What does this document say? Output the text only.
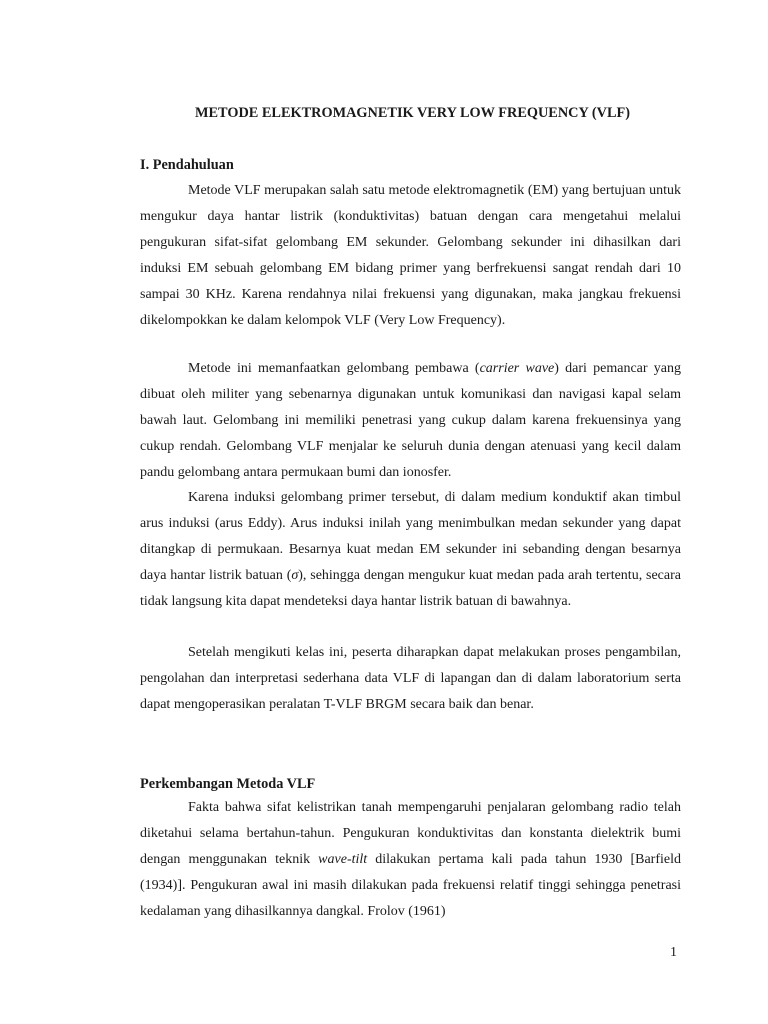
METODE ELEKTROMAGNETIK VERY LOW FREQUENCY (VLF)
I. Pendahuluan

Metode VLF merupakan salah satu metode elektromagnetik (EM) yang bertujuan untuk mengukur daya hantar listrik (konduktivitas) batuan dengan cara mengetahui melalui pengukuran sifat-sifat gelombang EM sekunder. Gelombang sekunder ini dihasilkan dari induksi EM sebuah gelombang EM bidang primer yang berfrekuensi sangat rendah dari 10 sampai 30 KHz. Karena rendahnya nilai frekuensi yang digunakan, maka jangkau frekuensi dikelompokkan ke dalam kelompok VLF (Very Low Frequency).

Metode ini memanfaatkan gelombang pembawa (carrier wave) dari pemancar yang dibuat oleh militer yang sebenarnya digunakan untuk komunikasi dan navigasi kapal selam bawah laut. Gelombang ini memiliki penetrasi yang cukup dalam karena frekuensinya yang cukup rendah. Gelombang VLF menjalar ke seluruh dunia dengan atenuasi yang kecil dalam pandu gelombang antara permukaan bumi dan ionosfer.

Karena induksi gelombang primer tersebut, di dalam medium konduktif akan timbul arus induksi (arus Eddy). Arus induksi inilah yang menimbulkan medan sekunder yang dapat ditangkap di permukaan. Besarnya kuat medan EM sekunder ini sebanding dengan besarnya daya hantar listrik batuan (σ), sehingga dengan mengukur kuat medan pada arah tertentu, secara tidak langsung kita dapat mendeteksi daya hantar listrik batuan di bawahnya.

Setelah mengikuti kelas ini, peserta diharapkan dapat melakukan proses pengambilan, pengolahan dan interpretasi sederhana data VLF di lapangan dan di dalam laboratorium serta dapat mengoperasikan peralatan T-VLF BRGM secara baik dan benar.

Perkembangan Metoda VLF

Fakta bahwa sifat kelistrikan tanah mempengaruhi penjalaran gelombang radio telah diketahui selama bertahun-tahun. Pengukuran konduktivitas dan konstanta dielektrik bumi dengan menggunakan teknik wave-tilt dilakukan pertama kali pada tahun 1930 [Barfield (1934)]. Pengukuran awal ini masih dilakukan pada frekuensi relatif tinggi sehingga penetrasi kedalaman yang dihasilkannya dangkal. Frolov (1961)

1
